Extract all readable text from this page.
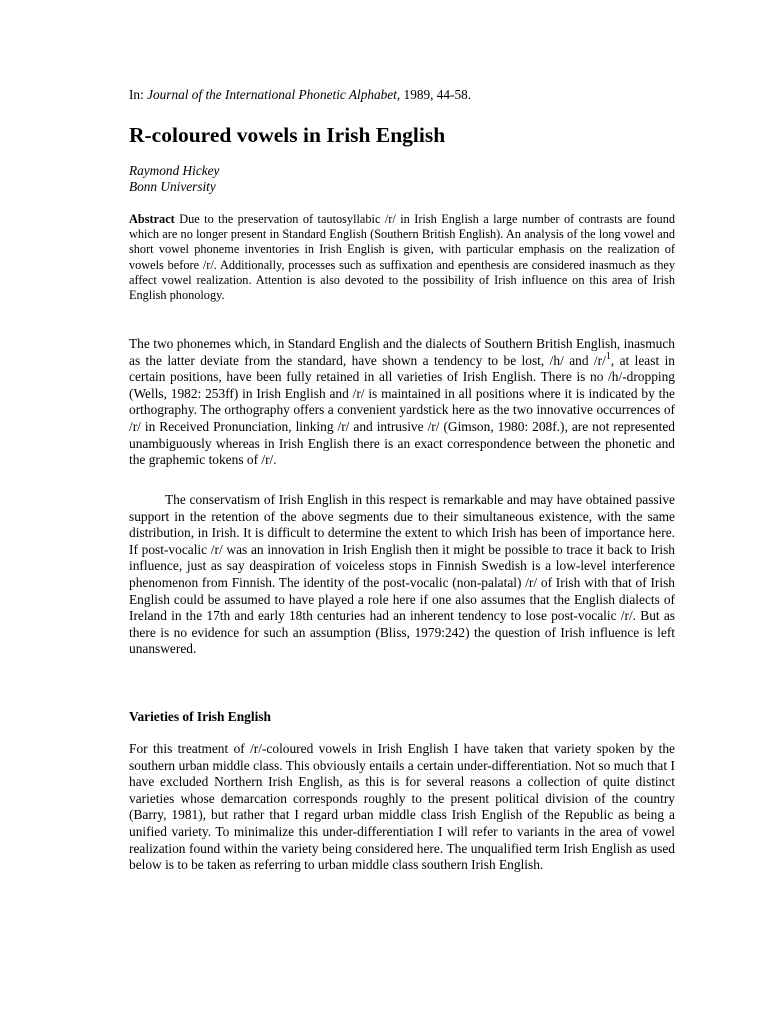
In: Journal of the International Phonetic Alphabet, 1989, 44-58.
R-coloured vowels in Irish English
Raymond Hickey
Bonn University

Abstract Due to the preservation of tautosyllabic /r/ in Irish English a large number of contrasts are found which are no longer present in Standard English (Southern British English). An analysis of the long vowel and short vowel phoneme inventories in Irish English is given, with particular emphasis on the realization of vowels before /r/. Additionally, processes such as suffixation and epenthesis are considered inasmuch as they affect vowel realization. Attention is also devoted to the possibility of Irish influence on this area of Irish English phonology.

The two phonemes which, in Standard English and the dialects of Southern British English, inasmuch as the latter deviate from the standard, have shown a tendency to be lost, /h/ and /r/$^1$, at least in certain positions, have been fully retained in all varieties of Irish English. There is no /h/-dropping (Wells, 1982: 253ff) in Irish English and /r/ is maintained in all positions where it is indicated by the orthography. The orthography offers a convenient yardstick here as the two innovative occurrences of /r/ in Received Pronunciation, linking /r/ and intrusive /r/ (Gimson, 1980: 208f.), are not represented unambiguously whereas in Irish English there is an exact correspondence between the phonetic and the graphemic tokens of /r/.

The conservatism of Irish English in this respect is remarkable and may have obtained passive support in the retention of the above segments due to their simultaneous existence, with the same distribution, in Irish. It is difficult to determine the extent to which Irish has been of importance here. If post-vocalic /r/ was an innovation in Irish English then it might be possible to trace it back to Irish influence, just as say deaspiration of voiceless stops in Finnish Swedish is a low-level interference phenomenon from Finnish. The identity of the post-vocalic (non-palatal) /r/ of Irish with that of Irish English could be assumed to have played a role here if one also assumes that the English dialects of Ireland in the 17th and early 18th centuries had an inherent tendency to lose post-vocalic /r/. But as there is no evidence for such an assumption (Bliss, 1979:242) the question of Irish influence is left unanswered.

Varieties of Irish English

For this treatment of /r/-coloured vowels in Irish English I have taken that variety spoken by the southern urban middle class. This obviously entails a certain under-differentiation. Not so much that I have excluded Northern Irish English, as this is for several reasons a collection of quite distinct varieties whose demarcation corresponds roughly to the present political division of the country (Barry, 1981), but rather that I regard urban middle class Irish English of the Republic as being a unified variety. To minimalize this under-differentiation I will refer to variants in the area of vowel realization found within the variety being considered here. The unqualified term Irish English as used below is to be taken as referring to urban middle class southern Irish English.
